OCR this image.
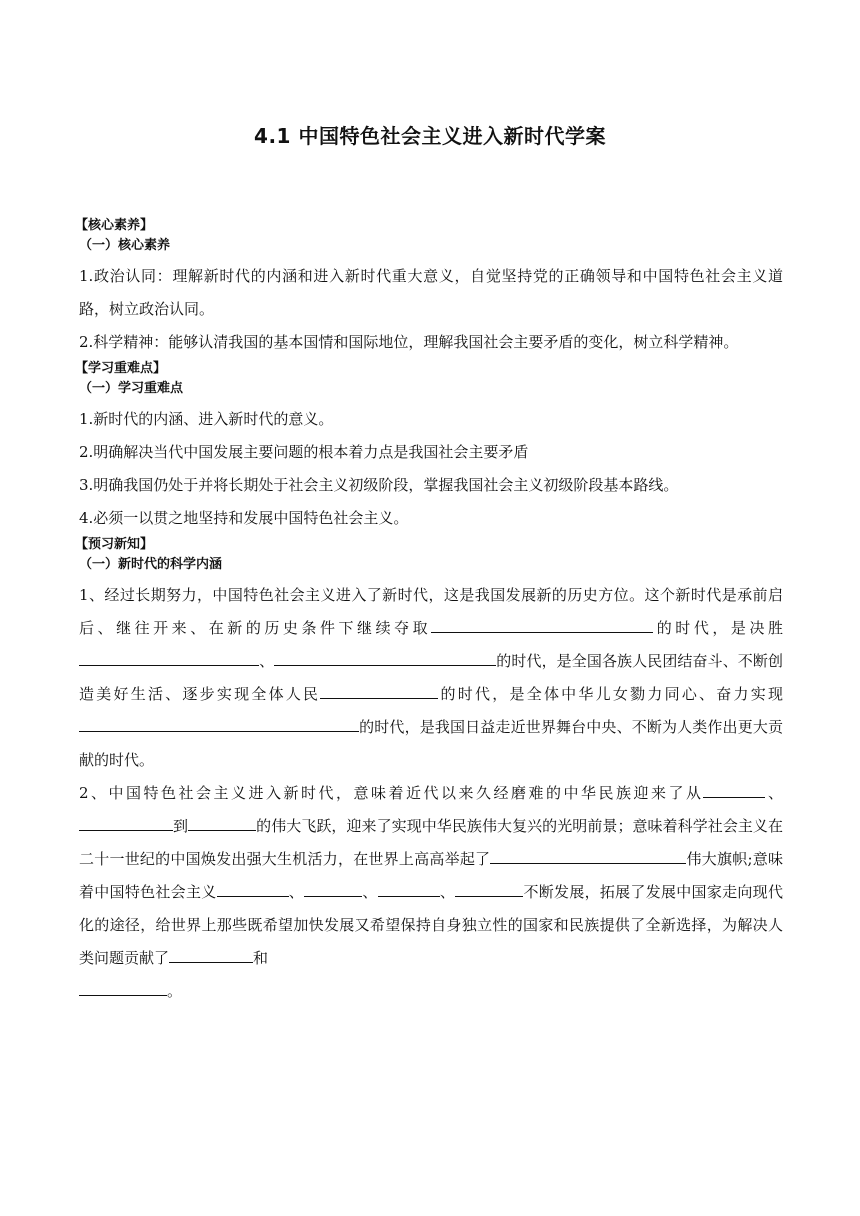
4.1 中国特色社会主义进入新时代学案
【核心素养】
（一）核心素养

1.政治认同：理解新时代的内涵和进入新时代重大意义，自觉坚持党的正确领导和中国特色社会主义道路，树立政治认同。

2.科学精神：能够认清我国的基本国情和国际地位，理解我国社会主要矛盾的变化，树立科学精神。

【学习重难点】
（一）学习重难点

1.新时代的内涵、进入新时代的意义。

2.明确解决当代中国发展主要问题的根本着力点是我国社会主要矛盾

3.明确我国仍处于并将长期处于社会主义初级阶段，掌握我国社会主义初级阶段基本路线。

4.必须一以贯之地坚持和发展中国特色社会主义。

【预习新知】
（一）新时代的科学内涵

1、经过长期努力，中国特色社会主义进入了新时代，这是我国发展新的历史方位。这个新时代是承前启后、继往开来、在新的历史条件下继续夺取	的时代，是决胜、	的时代，是全国各族人民团结奋斗、不断创造美好生活、逐步实现全体人民	的时代，是全体中华儿女勠力同心、奋力实现的时代，是我国日益走近世界舞台中央、不断为人类作出更大贡献的时代。

2、中国特色社会主义进入新时代，意味着近代以来久经磨难的中华民族迎来了从	、到	的伟大飞跃，迎来了实现中华民族伟大复兴的光明前景；意味着科学社会主义在二十一世纪的中国焕发出强大生机活力，在世界上高高举起了	伟大旗帜;意味着中国特色社会主义	、	、	、	不断发展，拓展了发展中国家走向现代化的途径，给世界上那些既希望加快发展又希望保持自身独立性的国家和民族提供了全新选择，为解决人类问题贡献了	和
。
